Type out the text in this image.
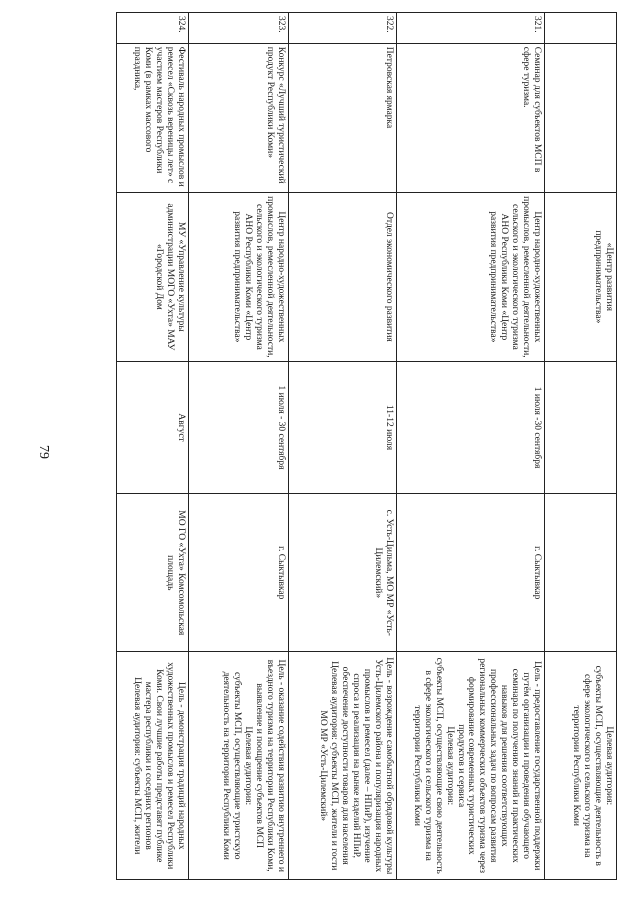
79
		«Центр развития предпринимательства»			Целевая аудитория:
субъекты МСП, осуществляющие деятельность в сфере экологического и сельского туризма на территории Республики Коми

321.	Семинар для субъектов МСП в сфере туризма.	Центр народно-художественных промыслов, ремесленной деятельности, сельского и экологического туризма АНО Республики Коми «Центр развития предпринимательства»	1 июля -30 сентября	г. Сыктывкар	Цель - предоставление государственной поддержки путём организации и проведения обучающего семинара по получению знаний и практических навыков для решения соответствующих профессиональных задач по вопросам развития региональных коммерческих объектов туризма через формирование современных туристических продуктов и сервиса
Целевая аудитория:
субъекты МСП, осуществляющие свою деятельность в сфере экологического и сельского туризма на территории Республики Коми

322.	Петровская ярмарка	Отдел экономического развития	11-12 июля	с. Усть-Цильма, МО МР «Усть-Цилемский»	Цель - возрождение самобытной обрядовой культуры Усть-Цилемского района и популяризация народных промыслов и ремесел (далее – НПиР), изучение спроса и реализация на рынке изделий НПиР, обеспечение доступности товаров для населения
Целевая аудитория: субъекты МСП, жители и гости МО МР «Усть-Цилемский»

323.	Конкурс «Лучший туристический продукт Республики Коми»	Центр народно-художественных промыслов, ремесленной деятельности, сельского и экологического туризма АНО Республики Коми «Центр развития предпринимательства»	1 июля - 30 сентября	г. Сыктывкар	Цель - оказание содействия развитию внутреннего и въездного туризма на территории Республики Коми, выявление и поощрение субъектов МСП
Целевая аудитория:
субъекты МСП, осуществляющие туристскую деятельность на территории Республики Коми

324.	Фестиваль народных промыслов и ремесел «Сквозь вереницы лет» с участием мастеров Республики Коми (в рамках массового праздника,	МУ «Управление культуры администрации МОГО «Ухта» МАУ «Городской Дом	Август	МО ГО «Ухта» Комсомольская площадь	Цель - демонстрация традиций народных художественных промыслов и ремесел Республики Коми. Свои лучшие работы представят публике мастера республики и соседних регионов
Целевая аудитория: субъекты МСП, жители
